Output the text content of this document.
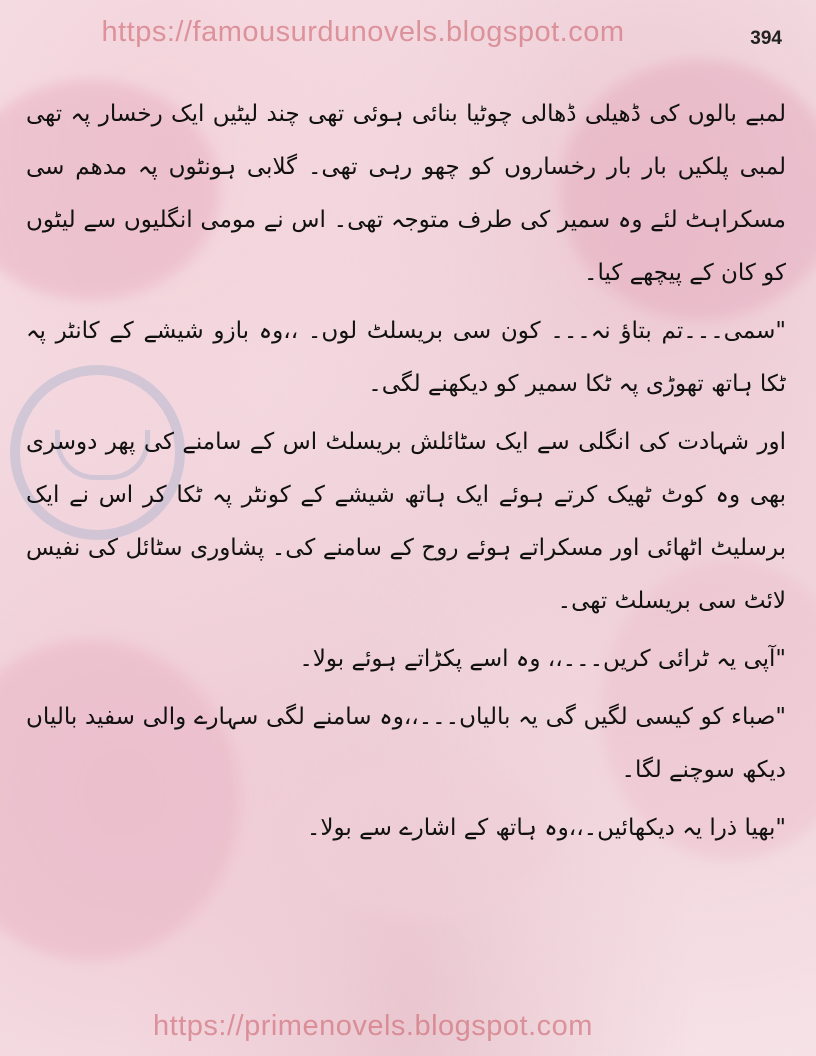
https://famousurdunovels.blogspot.com	394

لمبے بالوں کی ڈھیلی ڈھالی چوٹیا بنائی ہوئی تھی چند لیٹیں ایک رخسار پہ تھی لمبی پلکیں بار بار رخساروں کو چھو رہی تھی۔ گلابی ہونٹوں پہ مدھم سی مسکراہٹ لئے وہ سمیر کی طرف متوجہ تھی۔ اس نے مومی انگلیوں سے لیٹوں کو کان کے پیچھے کیا۔

"سمی۔۔۔تم بتاؤ نہ۔۔۔ کون سی بریسلٹ لوں۔ ،،وہ بازو شیشے کے کانٹر پہ ٹکا ہاتھ تھوڑی پہ ٹکا سمیر کو دیکھنے لگی۔

اور شہادت کی انگلی سے ایک سٹائلش بریسلٹ اس کے سامنے کی پھر دوسری بھی وہ کوٹ ٹھیک کرتے ہوئے ایک ہاتھ شیشے کے کونٹر پہ ٹکا کر اس نے ایک برسلیٹ اٹھائی اور مسکراتے ہوئے روح کے سامنے کی۔ پشاوری سٹائل کی نفیس لائٹ سی بریسلٹ تھی۔

"آپی یہ ٹرائی کریں۔۔۔،، وہ اسے پکڑاتے ہوئے بولا۔

"صباء کو کیسی لگیں گی یہ بالیاں۔۔۔،،وہ سامنے لگی سہارے والی سفید بالیاں دیکھ سوچنے لگا۔

"بھیا ذرا یہ دیکھائیں۔،،وہ ہاتھ کے اشارے سے بولا۔

https://primenovels.blogspot.com
